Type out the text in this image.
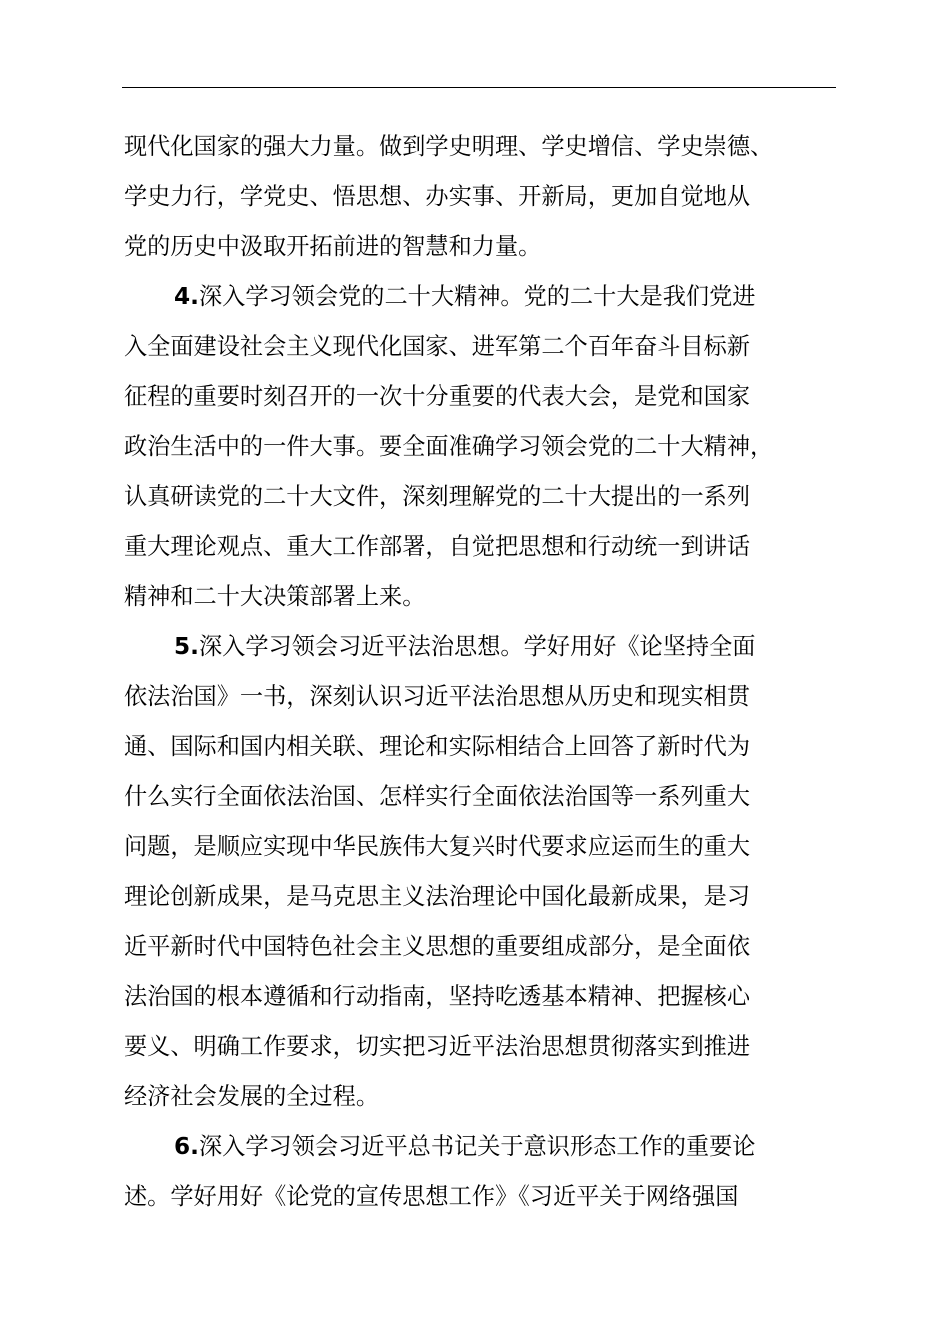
现代化国家的强大力量。做到学史明理、学史增信、学史崇德、
学史力行，学党史、悟思想、办实事、开新局，更加自觉地从
党的历史中汲取开拓前进的智慧和力量。
4.深入学习领会党的二十大精神。党的二十大是我们党进
入全面建设社会主义现代化国家、进军第二个百年奋斗目标新
征程的重要时刻召开的一次十分重要的代表大会，是党和国家
政治生活中的一件大事。要全面准确学习领会党的二十大精神，
认真研读党的二十大文件，深刻理解党的二十大提出的一系列
重大理论观点、重大工作部署，自觉把思想和行动统一到讲话
精神和二十大决策部署上来。
5.深入学习领会习近平法治思想。学好用好《论坚持全面
依法治国》一书，深刻认识习近平法治思想从历史和现实相贯
通、国际和国内相关联、理论和实际相结合上回答了新时代为
什么实行全面依法治国、怎样实行全面依法治国等一系列重大
问题，是顺应实现中华民族伟大复兴时代要求应运而生的重大
理论创新成果，是马克思主义法治理论中国化最新成果，是习
近平新时代中国特色社会主义思想的重要组成部分，是全面依
法治国的根本遵循和行动指南，坚持吃透基本精神、把握核心
要义、明确工作要求，切实把习近平法治思想贯彻落实到推进
经济社会发展的全过程。
6.深入学习领会习近平总书记关于意识形态工作的重要论
述。学好用好《论党的宣传思想工作》《习近平关于网络强国
